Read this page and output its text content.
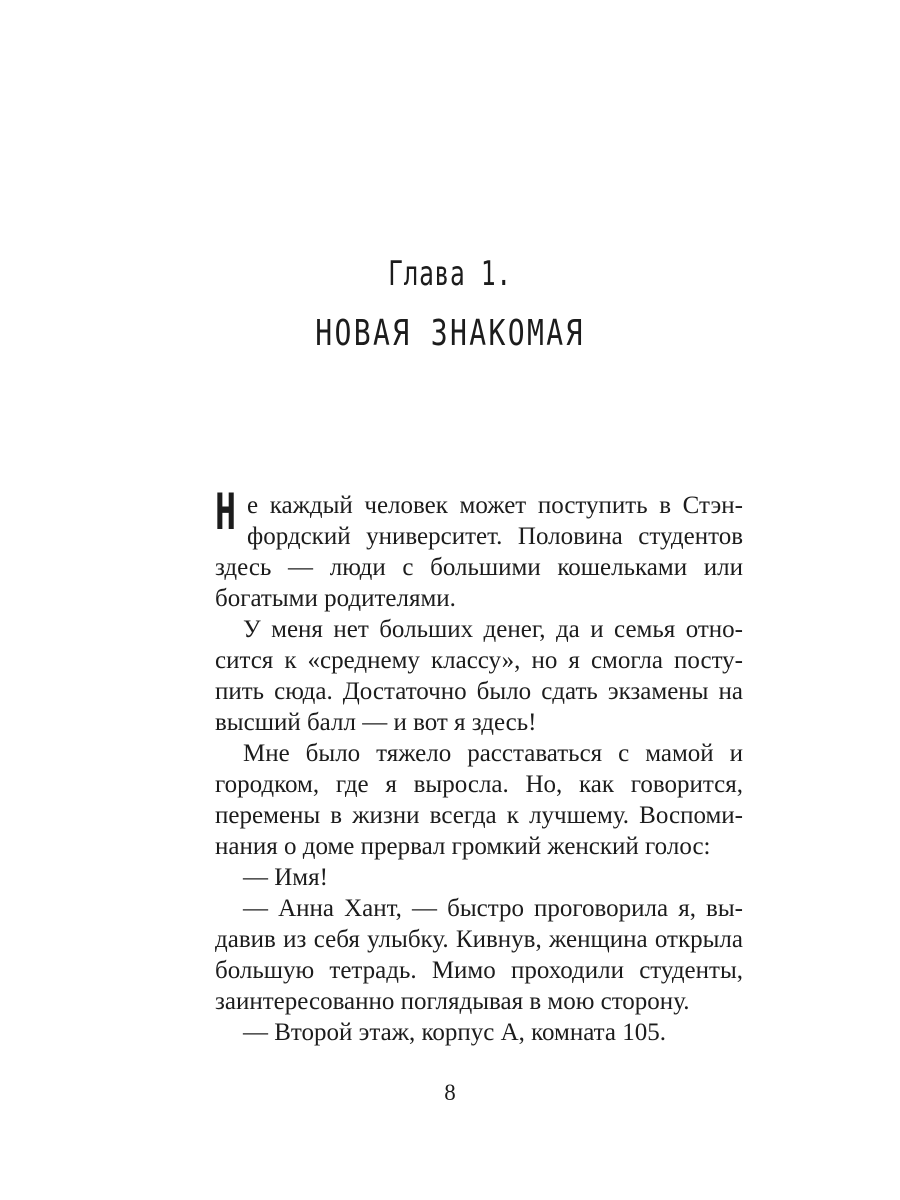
Глава 1.
НОВАЯ ЗНАКОМАЯ

Не каждый человек может поступить в Стэнфордский университет. Половина студентов здесь — люди с большими кошельками или богатыми родителями.

У меня нет больших денег, да и семья относится к «среднему классу», но я смогла поступить сюда. Достаточно было сдать экзамены на высший балл — и вот я здесь!

Мне было тяжело расставаться с мамой и городком, где я выросла. Но, как говорится, перемены в жизни всегда к лучшему. Воспоминания о доме прервал громкий женский голос:

— Имя!

— Анна Хант, — быстро проговорила я, выдавив из себя улыбку. Кивнув, женщина открыла большую тетрадь. Мимо проходили студенты, заинтересованно поглядывая в мою сторону.

— Второй этаж, корпус А, комната 105.

8
